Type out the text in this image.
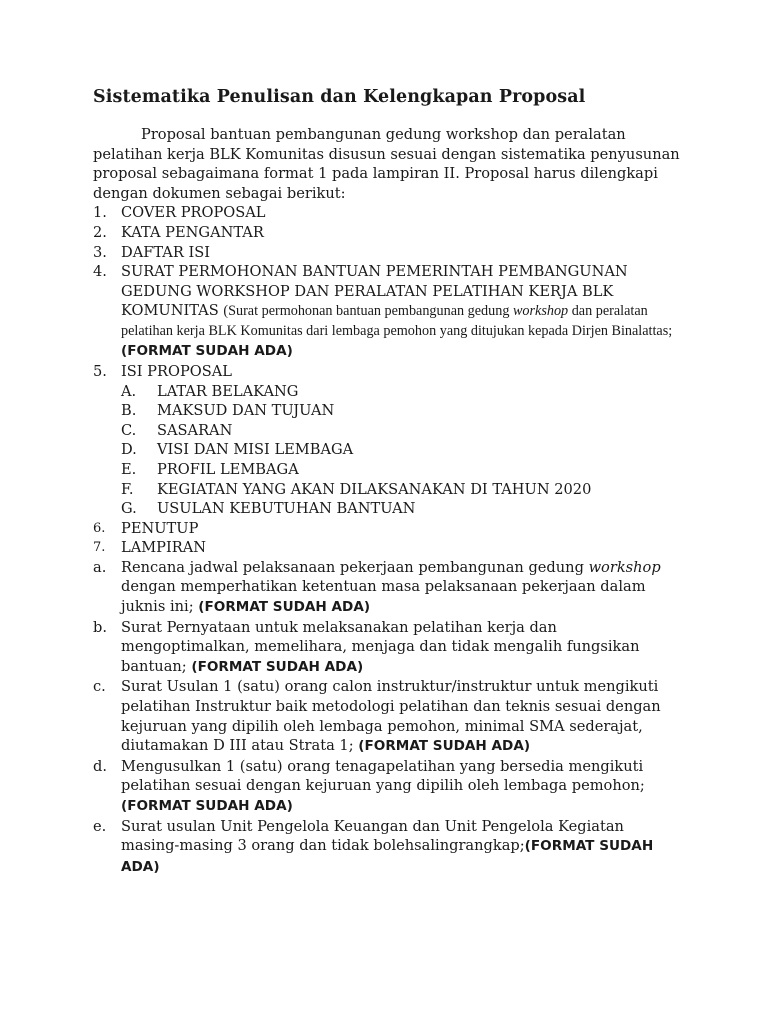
Sistematika Penulisan dan Kelengkapan Proposal

Proposal bantuan pembangunan gedung workshop dan peralatan pelatihan kerja BLK Komunitas disusun sesuai dengan sistematika penyusunan proposal sebagaimana format 1 pada lampiran II. Proposal harus dilengkapi dengan dokumen sebagai berikut:

1. COVER PROPOSAL
2. KATA PENGANTAR
3. DAFTAR ISI
4. SURAT PERMOHONAN BANTUAN PEMERINTAH PEMBANGUNAN GEDUNG WORKSHOP DAN PERALATAN PELATIHAN KERJA BLK KOMUNITAS (Surat permohonan bantuan pembangunan gedung workshop dan peralatan pelatihan kerja BLK Komunitas dari lembaga pemohon yang ditujukan kepada Dirjen Binalattas;(FORMAT SUDAH ADA)
5. ISI PROPOSAL
A.	LATAR BELAKANG
B.	MAKSUD DAN TUJUAN
C.	SASARAN
D.	VISI DAN MISI LEMBAGA
E.	PROFIL LEMBAGA
F.	KEGIATAN YANG AKAN DILAKSANAKAN DI TAHUN 2020
G.	USULAN KEBUTUHAN BANTUAN
6.	PENUTUP
7.	LAMPIRAN
a.	Rencana jadwal pelaksanaan pekerjaan pembangunan gedung workshop dengan memperhatikan ketentuan masa pelaksanaan pekerjaan dalam juknis ini; (FORMAT SUDAH ADA)
b. Surat Pernyataan untuk melaksanakan pelatihan kerja dan mengoptimalkan, memelihara, menjaga dan tidak mengalih fungsikan bantuan; (FORMAT SUDAH ADA)
c.	Surat Usulan 1 (satu) orang calon instruktur/instruktur untuk mengikuti pelatihan Instruktur baik metodologi pelatihan dan teknis sesuai dengan kejuruan yang dipilih oleh lembaga pemohon, minimal SMA sederajat, diutamakan D III atau Strata 1; (FORMAT SUDAH ADA)
d. Mengusulkan 1 (satu) orang tenagapelatihan yang bersedia mengikuti pelatihan sesuai dengan kejuruan yang dipilih oleh lembaga pemohon; (FORMAT SUDAH ADA)
e.	Surat usulan Unit Pengelola Keuangan dan Unit Pengelola Kegiatan masing-masing 3 orang dan tidak bolehsalingrangkap;(FORMAT SUDAH ADA)
